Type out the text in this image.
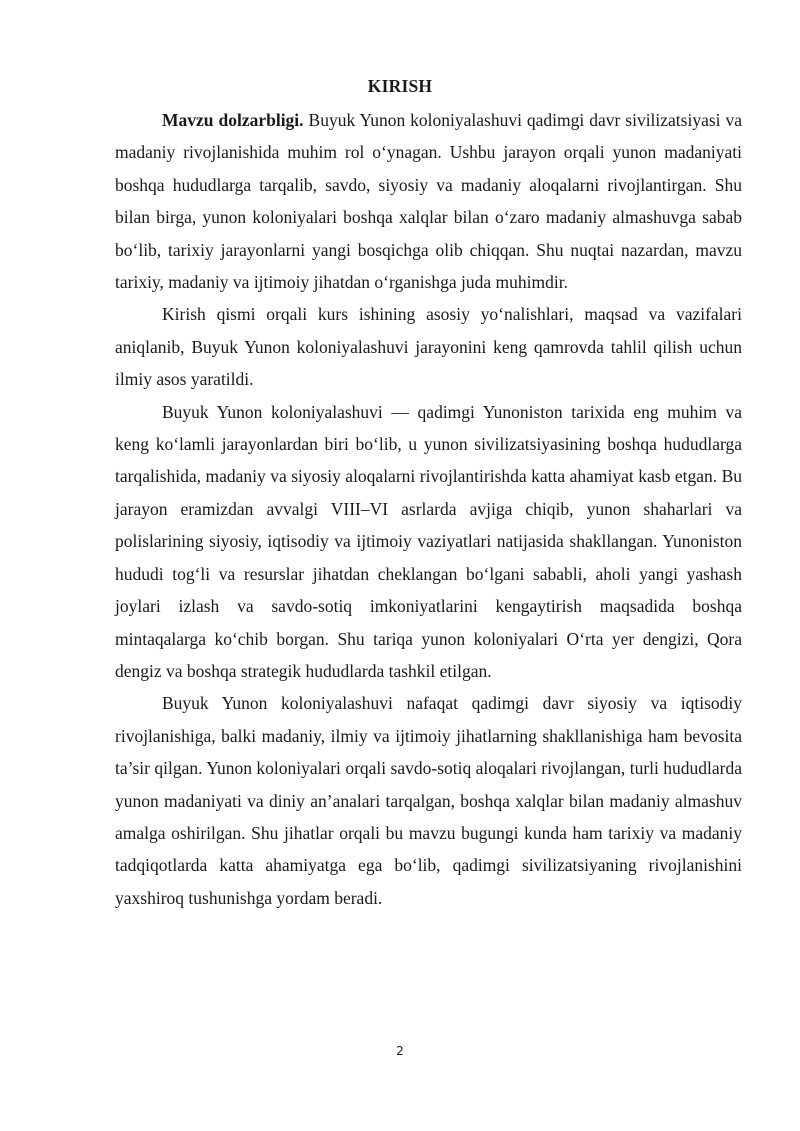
KIRISH

Mavzu dolzarbligi. Buyuk Yunon koloniyalashuvi qadimgi davr sivilizatsiyasi va madaniy rivojlanishida muhim rol o‘ynagan. Ushbu jarayon orqali yunon madaniyati boshqa hududlarga tarqalib, savdo, siyosiy va madaniy aloqalarni rivojlantirgan. Shu bilan birga, yunon koloniyalari boshqa xalqlar bilan o‘zaro madaniy almashuvga sabab bo‘lib, tarixiy jarayonlarni yangi bosqichga olib chiqqan. Shu nuqtai nazardan, mavzu tarixiy, madaniy va ijtimoiy jihatdan o‘rganishga juda muhimdir.

Kirish qismi orqali kurs ishining asosiy yo‘nalishlari, maqsad va vazifalari aniqlanib, Buyuk Yunon koloniyalashuvi jarayonini keng qamrovda tahlil qilish uchun ilmiy asos yaratildi.

Buyuk Yunon koloniyalashuvi — qadimgi Yunoniston tarixida eng muhim va keng ko‘lamli jarayonlardan biri bo‘lib, u yunon sivilizatsiyasining boshqa hududlarga tarqalishida, madaniy va siyosiy aloqalarni rivojlantirishda katta ahamiyat kasb etgan. Bu jarayon eramizdan avvalgi VIII–VI asrlarda avjiga chiqib, yunon shaharlari va polislarining siyosiy, iqtisodiy va ijtimoiy vaziyatlari natijasida shakllangan. Yunoniston hududi tog‘li va resurslar jihatdan cheklangan bo‘lgani sababli, aholi yangi yashash joylari izlash va savdo-sotiq imkoniyatlarini kengaytirish maqsadida boshqa mintaqalarga ko‘chib borgan. Shu tariqa yunon koloniyalari O‘rta yer dengizi, Qora dengiz va boshqa strategik hududlarda tashkil etilgan.

Buyuk Yunon koloniyalashuvi nafaqat qadimgi davr siyosiy va iqtisodiy rivojlanishiga, balki madaniy, ilmiy va ijtimoiy jihatlarning shakllanishiga ham bevosita ta’sir qilgan. Yunon koloniyalari orqali savdo-sotiq aloqalari rivojlangan, turli hududlarda yunon madaniyati va diniy an’analari tarqalgan, boshqa xalqlar bilan madaniy almashuv amalga oshirilgan. Shu jihatlar orqali bu mavzu bugungi kunda ham tarixiy va madaniy tadqiqotlarda katta ahamiyatga ega bo‘lib, qadimgi sivilizatsiyaning rivojlanishini yaxshiroq tushunishga yordam beradi.

2
